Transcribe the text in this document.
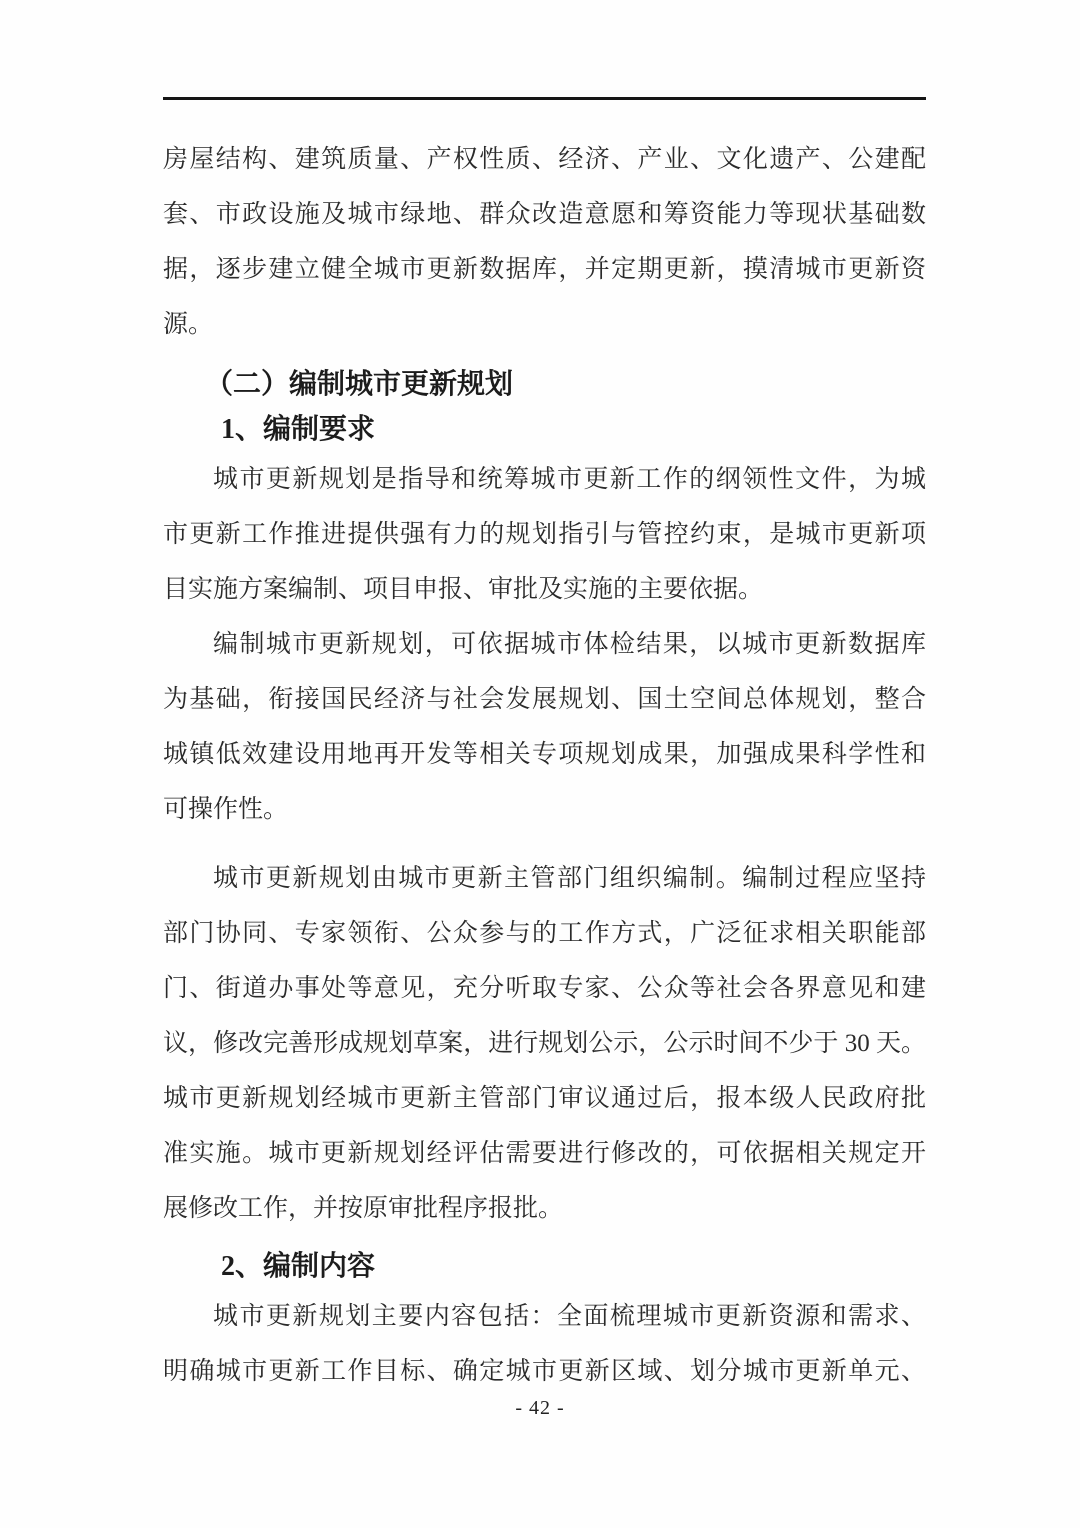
房屋结构、建筑质量、产权性质、经济、产业、文化遗产、公建配
套、市政设施及城市绿地、群众改造意愿和筹资能力等现状基础数
据，逐步建立健全城市更新数据库，并定期更新，摸清城市更新资
源。
（二）编制城市更新规划
1、编制要求
城市更新规划是指导和统筹城市更新工作的纲领性文件，为城
市更新工作推进提供强有力的规划指引与管控约束，是城市更新项
目实施方案编制、项目申报、审批及实施的主要依据。
编制城市更新规划，可依据城市体检结果，以城市更新数据库
为基础，衔接国民经济与社会发展规划、国土空间总体规划，整合
城镇低效建设用地再开发等相关专项规划成果，加强成果科学性和
可操作性。
城市更新规划由城市更新主管部门组织编制。编制过程应坚持
部门协同、专家领衔、公众参与的工作方式，广泛征求相关职能部
门、街道办事处等意见，充分听取专家、公众等社会各界意见和建
议，修改完善形成规划草案，进行规划公示，公示时间不少于 30 天。
城市更新规划经城市更新主管部门审议通过后，报本级人民政府批
准实施。城市更新规划经评估需要进行修改的，可依据相关规定开
展修改工作，并按原审批程序报批。
2、编制内容
城市更新规划主要内容包括：全面梳理城市更新资源和需求、
明确城市更新工作目标、确定城市更新区域、划分城市更新单元、
- 42 -
